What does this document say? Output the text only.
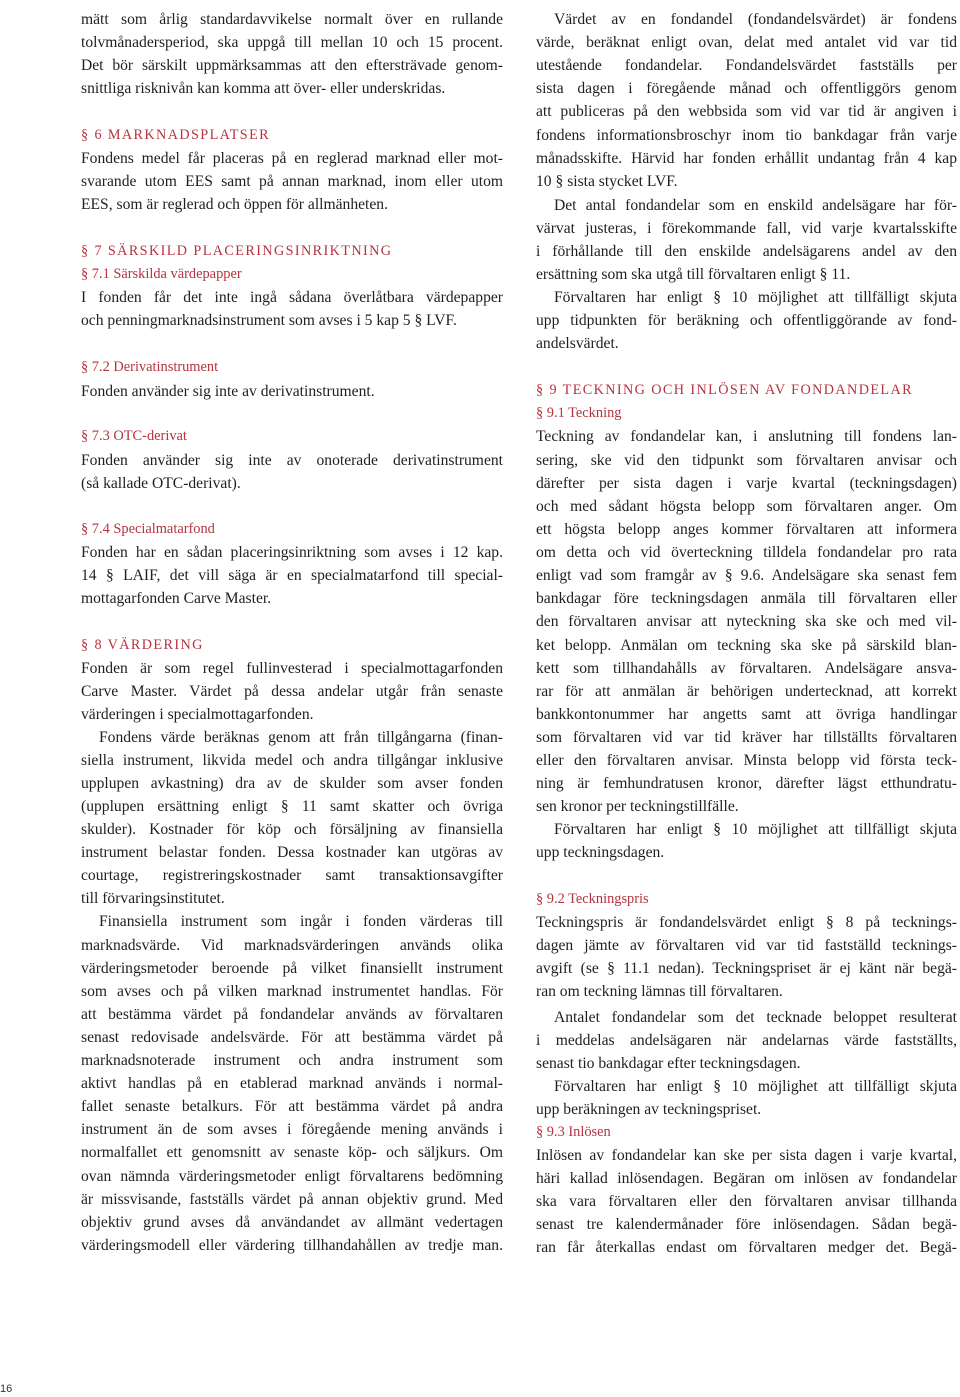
mätt som årlig standardavvikelse normalt över en rullande
tolvmånadersperiod, ska uppgå till mellan 10 och 15 procent.
Det bör särskilt uppmärksammas att den eftersträvade genom-
snittliga risknivån kan komma att över- eller underskridas.
§ 6 MARKNADSPLATSER
Fondens medel får placeras på en reglerad marknad eller mot-
svarande utom EES samt på annan marknad, inom eller utom
EES, som är reglerad och öppen för allmänheten.
§ 7 SÄRSKILD PLACERINGSINRIKTNING
§ 7.1 Särskilda värdepapper
I fonden får det inte ingå sådana överlåtbara värdepapper
och penningmarknadsinstrument som avses i 5 kap 5 § LVF.
§ 7.2 Derivatinstrument
Fonden använder sig inte av derivatinstrument.
§ 7.3 OTC-derivat
Fonden använder sig inte av onoterade derivatinstrument
(så kallade OTC-derivat).
§ 7.4 Specialmatarfond
Fonden har en sådan placeringsinriktning som avses i 12 kap.
14 § LAIF, det vill säga är en specialmatarfond till special-
mottagarfonden Carve Master.
§ 8 VÄRDERING
Fonden är som regel fullinvesterad i specialmottagarfonden
Carve Master. Värdet på dessa andelar utgår från senaste
värderingen i specialmottagarfonden.
Fondens värde beräknas genom att från tillgångarna (finan-
siella instrument, likvida medel och andra tillgångar inklusive
upplupen avkastning) dra av de skulder som avser fonden
(upplupen ersättning enligt § 11 samt skatter och övriga
skulder). Kostnader för köp och försäljning av finansiella
instrument belastar fonden. Dessa kostnader kan utgöras av
courtage, registreringskostnader samt transaktionsavgifter
till förvaringsinstitutet.
Finansiella instrument som ingår i fonden värderas till
marknadsvärde. Vid marknadsvärderingen används olika
värderingsmetoder beroende på vilket finansiellt instrument
som avses och på vilken marknad instrumentet handlas. För
att bestämma värdet på fondandelar används av förvaltaren
senast redovisade andelsvärde. För att bestämma värdet på
marknadsnoterade instrument och andra instrument som
aktivt handlas på en etablerad marknad används i normal-
fallet senaste betalkurs. För att bestämma värdet på andra
instrument än de som avses i föregående mening används i
normalfallet ett genomsnitt av senaste köp- och säljkurs. Om
ovan nämnda värderingsmetoder enligt förvaltarens bedömning
är missvisande, fastställs värdet på annan objektiv grund. Med
objektiv grund avses då användandet av allmänt vedertagen
värderingsmodell eller värdering tillhandahållen av tredje man.
Värdet av en fondandel (fondandelsvärdet) är fondens
värde, beräknat enligt ovan, delat med antalet vid var tid
utestående fondandelar. Fondandelsvärdet fastställs per
sista dagen i föregående månad och offentliggörs genom
att publiceras på den webbsida som vid var tid är angiven i
fondens informationsbroschyr inom tio bankdagar från varje
månadsskifte. Härvid har fonden erhållit undantag från 4 kap
10 § sista stycket LVF.
Det antal fondandelar som en enskild andelsägare har för-
värvat justeras, i förekommande fall, vid varje kvartalsskifte
i förhållande till den enskilde andelsägarens andel av den
ersättning som ska utgå till förvaltaren enligt § 11.
Förvaltaren har enligt § 10 möjlighet att tillfälligt skjuta
upp tidpunkten för beräkning och offentliggörande av fond-
andelsvärdet.
§ 9 TECKNING OCH INLÖSEN AV FONDANDELAR
§ 9.1 Teckning
Teckning av fondandelar kan, i anslutning till fondens lan-
sering, ske vid den tidpunkt som förvaltaren anvisar och
därefter per sista dagen i varje kvartal (teckningsdagen)
och med sådant högsta belopp som förvaltaren anger. Om
ett högsta belopp anges kommer förvaltaren att informera
om detta och vid överteckning tilldela fondandelar pro rata
enligt vad som framgår av § 9.6. Andelsägare ska senast fem
bankdagar före teckningsdagen anmäla till förvaltaren eller
den förvaltaren anvisar att nyteckning ska ske och med vil-
ket belopp. Anmälan om teckning ska ske på särskild blan-
kett som tillhandahålls av förvaltaren. Andelsägare ansva-
rar för att anmälan är behörigen undertecknad, att korrekt
bankkontonummer har angetts samt att övriga handlingar
som förvaltaren vid var tid kräver har tillställts förvaltaren
eller den förvaltaren anvisar. Minsta belopp vid första teck-
ning är femhundratusen kronor, därefter lägst etthundratu-
sen kronor per teckningstillfälle.
Förvaltaren har enligt § 10 möjlighet att tillfälligt skjuta
upp teckningsdagen.
§ 9.2 Teckningspris
Teckningspris är fondandelsvärdet enligt § 8 på tecknings-
dagen jämte av förvaltaren vid var tid fastställd tecknings-
avgift (se § 11.1 nedan). Teckningspriset är ej känt när begä-
ran om teckning lämnas till förvaltaren.
Antalet fondandelar som det tecknade beloppet resulterat
i meddelas andelsägaren när andelarnas värde fastställts,
senast tio bankdagar efter teckningsdagen.
Förvaltaren har enligt § 10 möjlighet att tillfälligt skjuta
upp beräkningen av teckningspriset.
§ 9.3 Inlösen
Inlösen av fondandelar kan ske per sista dagen i varje kvartal,
häri kallad inlösendagen. Begäran om inlösen av fondandelar
ska vara förvaltaren eller den förvaltaren anvisar tillhanda
senast tre kalendermånader före inlösendagen. Sådan begä-
ran får återkallas endast om förvaltaren medger det. Begä-
16
